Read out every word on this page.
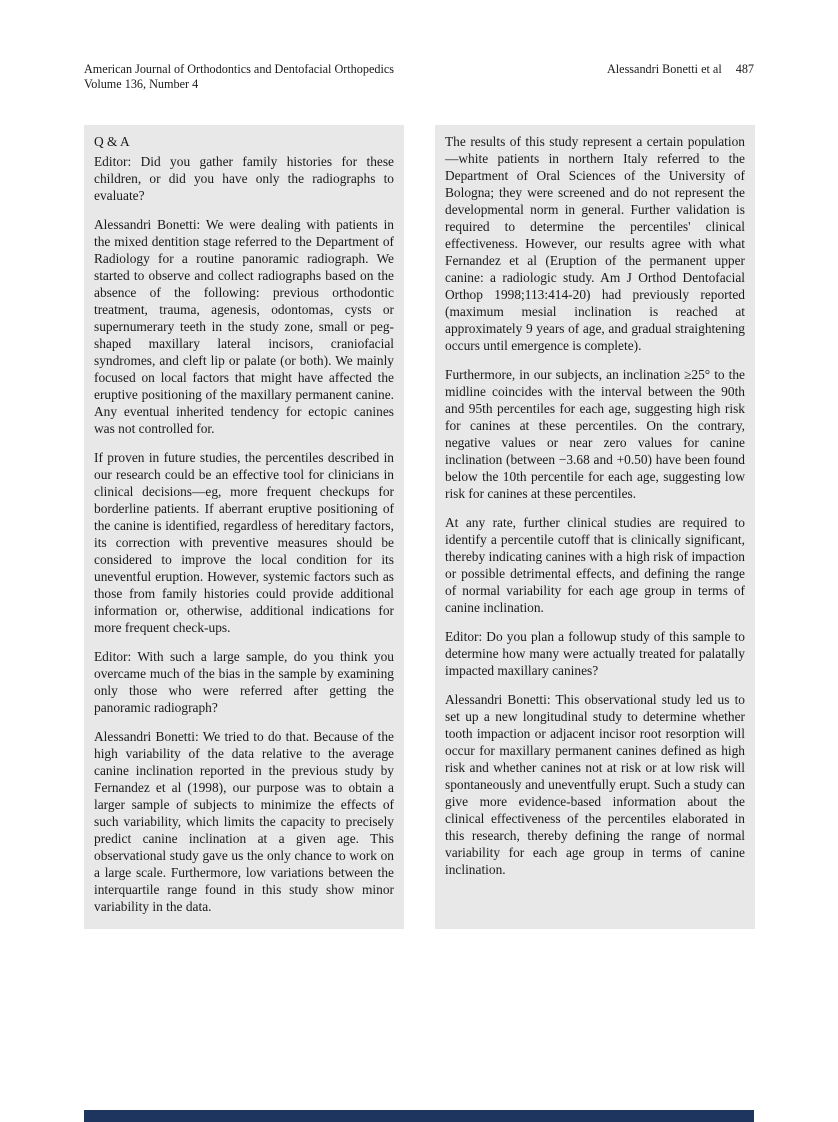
American Journal of Orthodontics and Dentofacial Orthopedics
Volume 136, Number 4
Alessandri Bonetti et al 487
Q & A

Editor: Did you gather family histories for these children, or did you have only the radiographs to evaluate?

Alessandri Bonetti: We were dealing with patients in the mixed dentition stage referred to the Department of Radiology for a routine panoramic radiograph. We started to observe and collect radiographs based on the absence of the following: previous orthodontic treatment, trauma, agenesis, odontomas, cysts or supernumerary teeth in the study zone, small or peg-shaped maxillary lateral incisors, craniofacial syndromes, and cleft lip or palate (or both). We mainly focused on local factors that might have affected the eruptive positioning of the maxillary permanent canine. Any eventual inherited tendency for ectopic canines was not controlled for.

If proven in future studies, the percentiles described in our research could be an effective tool for clinicians in clinical decisions—eg, more frequent checkups for borderline patients. If aberrant eruptive positioning of the canine is identified, regardless of hereditary factors, its correction with preventive measures should be considered to improve the local condition for its uneventful eruption. However, systemic factors such as those from family histories could provide additional information or, otherwise, additional indications for more frequent check-ups.

Editor: With such a large sample, do you think you overcame much of the bias in the sample by examining only those who were referred after getting the panoramic radiograph?

Alessandri Bonetti: We tried to do that. Because of the high variability of the data relative to the average canine inclination reported in the previous study by Fernandez et al (1998), our purpose was to obtain a larger sample of subjects to minimize the effects of such variability, which limits the capacity to precisely predict canine inclination at a given age. This observational study gave us the only chance to work on a large scale. Furthermore, low variations between the interquartile range found in this study show minor variability in the data.

The results of this study represent a certain population—white patients in northern Italy referred to the Department of Oral Sciences of the University of Bologna; they were screened and do not represent the developmental norm in general. Further validation is required to determine the percentiles' clinical effectiveness. However, our results agree with what Fernandez et al (Eruption of the permanent upper canine: a radiologic study. Am J Orthod Dentofacial Orthop 1998;113:414-20) had previously reported (maximum mesial inclination is reached at approximately 9 years of age, and gradual straightening occurs until emergence is complete).

Furthermore, in our subjects, an inclination ≥25° to the midline coincides with the interval between the 90th and 95th percentiles for each age, suggesting high risk for canines at these percentiles. On the contrary, negative values or near zero values for canine inclination (between −3.68 and +0.50) have been found below the 10th percentile for each age, suggesting low risk for canines at these percentiles.

At any rate, further clinical studies are required to identify a percentile cutoff that is clinically significant, thereby indicating canines with a high risk of impaction or possible detrimental effects, and defining the range of normal variability for each age group in terms of canine inclination.

Editor: Do you plan a followup study of this sample to determine how many were actually treated for palatally impacted maxillary canines?

Alessandri Bonetti: This observational study led us to set up a new longitudinal study to determine whether tooth impaction or adjacent incisor root resorption will occur for maxillary permanent canines defined as high risk and whether canines not at risk or at low risk will spontaneously and uneventfully erupt. Such a study can give more evidence-based information about the clinical effectiveness of the percentiles elaborated in this research, thereby defining the range of normal variability for each age group in terms of canine inclination.
